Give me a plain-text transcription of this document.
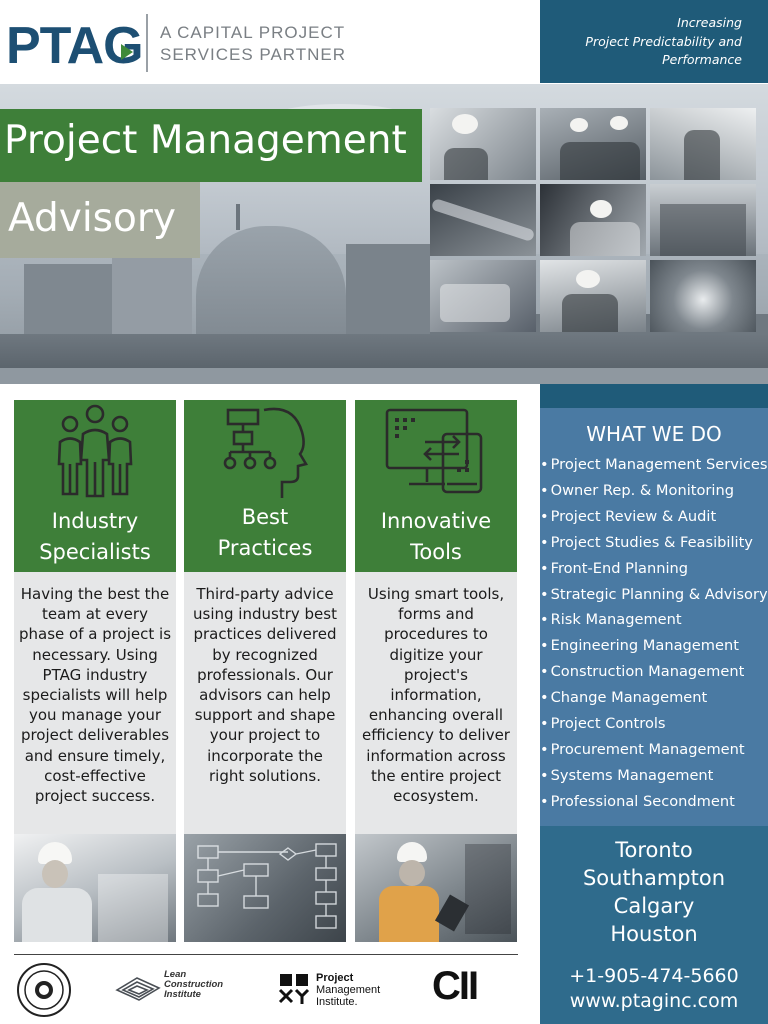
PTAG A CAPITAL PROJECT
SERVICES PARTNER
Increasing
Project Predictability and
Performance
Project Management
Advisory
Industry
Specialists
Having the best the team at every phase of a project is necessary. Using PTAG industry specialists will help you manage your project deliverables and ensure timely, cost-effective project success.
Best
Practices
Third-party advice using industry best practices delivered by recognized professionals. Our advisors can help support and shape your project to incorporate the right solutions.
Innovative
Tools
Using smart tools, forms and procedures to digitize your project's information, enhancing overall efficiency to deliver information across the entire project ecosystem.
Lean
Construction
Institute
Project
Management
Institute.	CII
WHAT WE DO
• Project Management Services
• Owner Rep. & Monitoring
• Project Review & Audit
• Project Studies & Feasibility
• Front-End Planning
• Strategic Planning & Advisory
• Risk Management
• Engineering Management
• Construction Management
• Change Management
• Project Controls
• Procurement Management
• Systems Management
• Professional Secondment
Toronto
Southampton
Calgary
Houston
+1-905-474-5660
www.ptaginc.com
